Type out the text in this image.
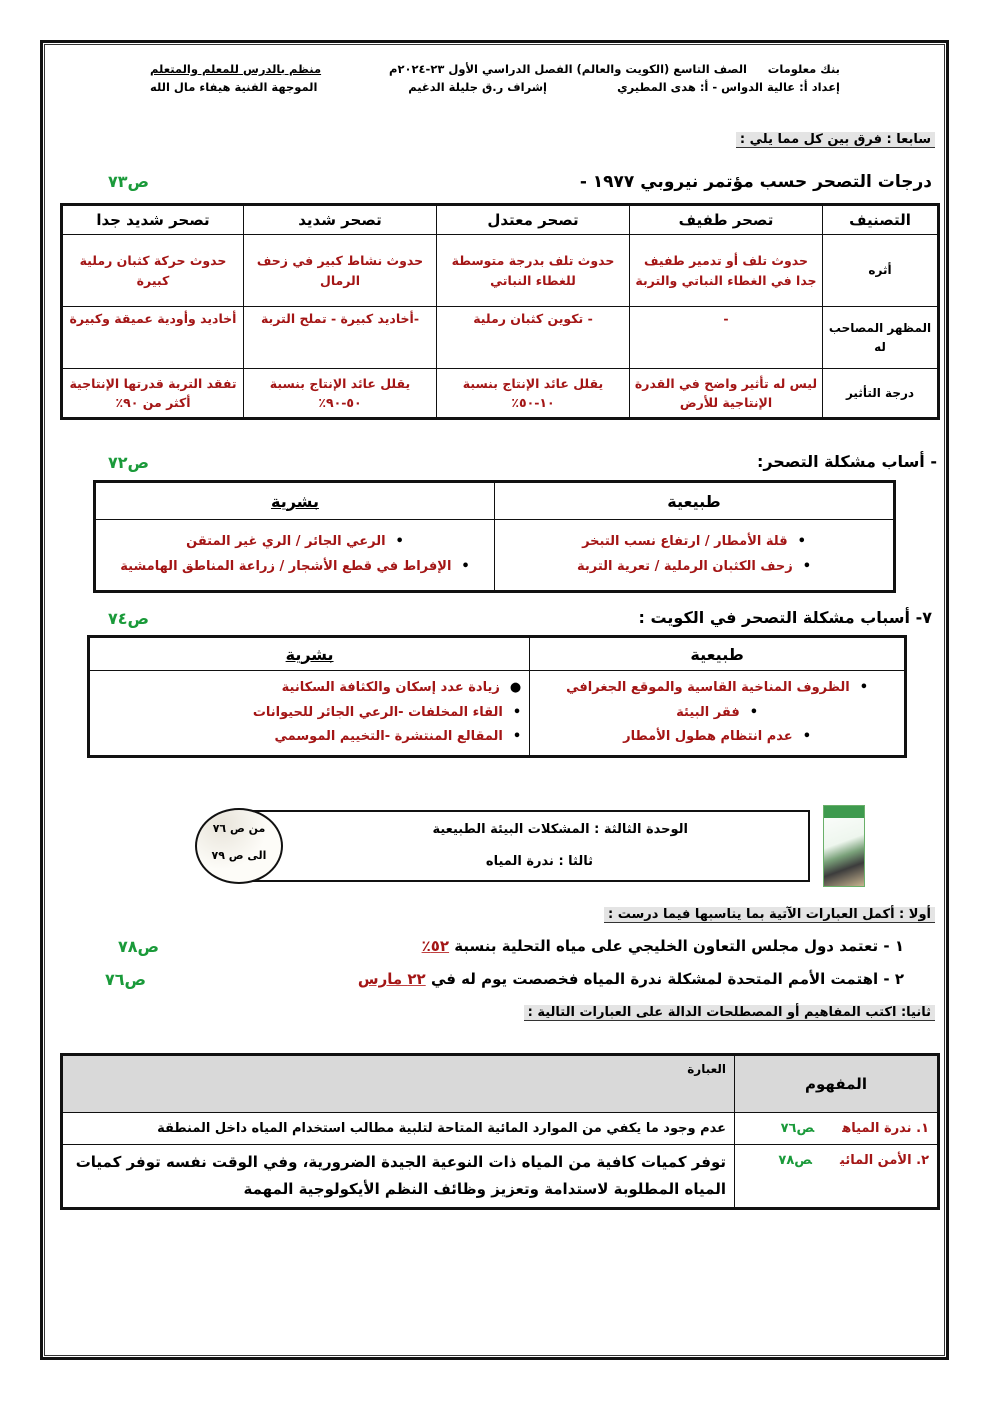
بنك معلومات
الصف التاسع (الكويت والعالم) الفصل الدراسي الأول ٢٣-٢٠٢٤م
منظم بالدرس للمعلم والمتعلم
إعداد أ: عالية الدواس - أ: هدى المطيري
إشراف ر.ق جليلة الدغيم
الموجهة الفنية هيفاء مال الله
سابعا : فرق بين كل مما يلي :
درجات التصحر حسب مؤتمر نيروبي ١٩٧٧ -
ص٧٣
التصنيف	تصحر طفيف	تصحر معتدل	تصحر شديد	تصحر شديد جدا
أثره	حدوث تلف أو تدمير طفيف جدا في الغطاء النباتي والتربة	حدوث تلف بدرجة متوسطة للغطاء النباتي	حدوث نشاط كبير في زحف الرمال	حدوث حركة كثبان رملية كبيرة
المظهر المصاحب له	-	- تكوين كثبان رملية	-أخاديد كبيرة - تملح التربة	أخاديد وأودية عميقة وكبيرة
درجة التأثير	ليس له تأثير واضح في القدرة الإنتاجية للأرض	يقلل عائد الإنتاج بنسبة ١٠-٥٠٪	يقلل عائد الإنتاج بنسبة ٥٠-٩٠٪	تفقد التربة قدرتها الإنتاجية أكثر من ٩٠٪
- أساب مشكلة التصحر:
ص٧٢
طبيعية	بشرية

•قلة الأمطار / ارتفاع نسب التبخر
•زحف الكثبان الرملية / تعرية التربة

•الرعي الجائر / الري غير المتقن
•الإفراط في قطع الأشجار / زراعة المناطق الهامشية
٧- أسباب مشكلة التصحر في الكويت :
ص٧٤
طبيعية	بشرية

•الظروف المناخية القاسية والموقع الجغرافي
•فقر البيئة
•عدم انتظام هطول الأمطار

●زيادة عدد إسكان والكثافة السكانية
•القاء المخلفات -الرعي الجائر للحيوانات
•المقالع المنتشرة -التخييم الموسمي
الوحدة الثالثة : المشكلات البيئة الطبيعية
ثالثا : ندرة المياه
من ص ٧٦
الى ص ٧٩
أولا : أكمل العبارات الآتية بما يناسبها فيما درست :
١ - تعتمد دول مجلس التعاون الخليجي على مياه التحلية بنسبة ٥٢٪
ص٧٨
٢ - اهتمت الأمم المتحدة لمشكلة ندرة المياه فخصصت يوم له في ٢٢ مارس
ص٧٦
ثانيا: اكتب المفاهيم أو المصطلحات الدالة على العبارات التالية :
المفهوم	العبارة
١. ندرة المياهص٧٦	عدم وجود ما يكفي من الموارد المائية المتاحة لتلبية مطالب استخدام المياه داخل المنطقة
٢. الأمن المائيص٧٨	توفر كميات كافية من المياه ذات النوعية الجيدة الضرورية، وفي الوقت نفسه توفر كميات المياه المطلوبة لاستدامة وتعزيز وظائف النظم الأيكولوجية المهمة
